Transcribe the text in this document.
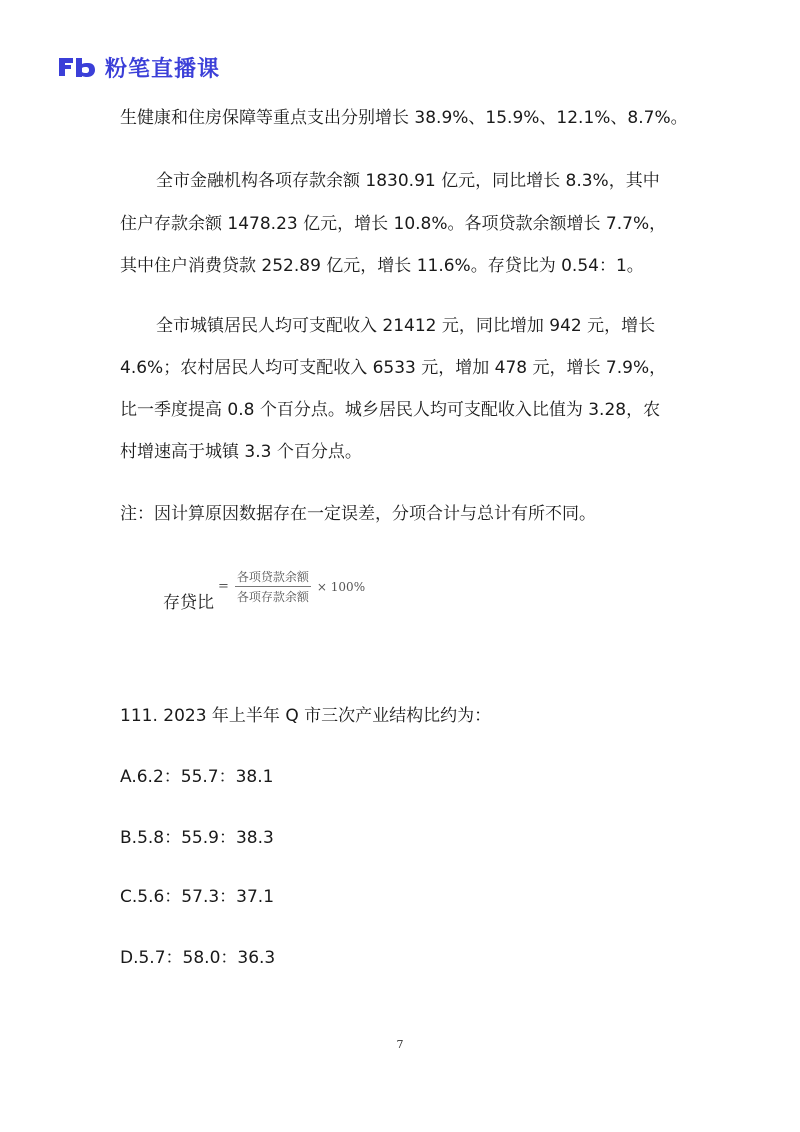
粉笔直播课
生健康和住房保障等重点支出分别增长 38.9%、15.9%、12.1%、8.7%。
全市金融机构各项存款余额 1830.91 亿元，同比增长 8.3%，其中
住户存款余额 1478.23 亿元，增长 10.8%。各项贷款余额增长 7.7%，
其中住户消费贷款 252.89 亿元，增长 11.6%。存贷比为 0.54：1。
全市城镇居民人均可支配收入 21412 元，同比增加 942 元，增长
4.6%；农村居民人均可支配收入 6533 元，增加 478 元，增长 7.9%，
比一季度提高 0.8 个百分点。城乡居民人均可支配收入比值为 3.28，农
村增速高于城镇 3.3 个百分点。
注：因计算原因数据存在一定误差，分项合计与总计有所不同。
111. 2023 年上半年 Q 市三次产业结构比约为：
A.6.2：55.7：38.1
B.5.8：55.9：38.3
C.5.6：57.3：37.1
D.5.7：58.0：36.3
存贷比
= $\frac{\text{各项贷款余额}}{\text{各项存款余额}} \times 100\%$
7
